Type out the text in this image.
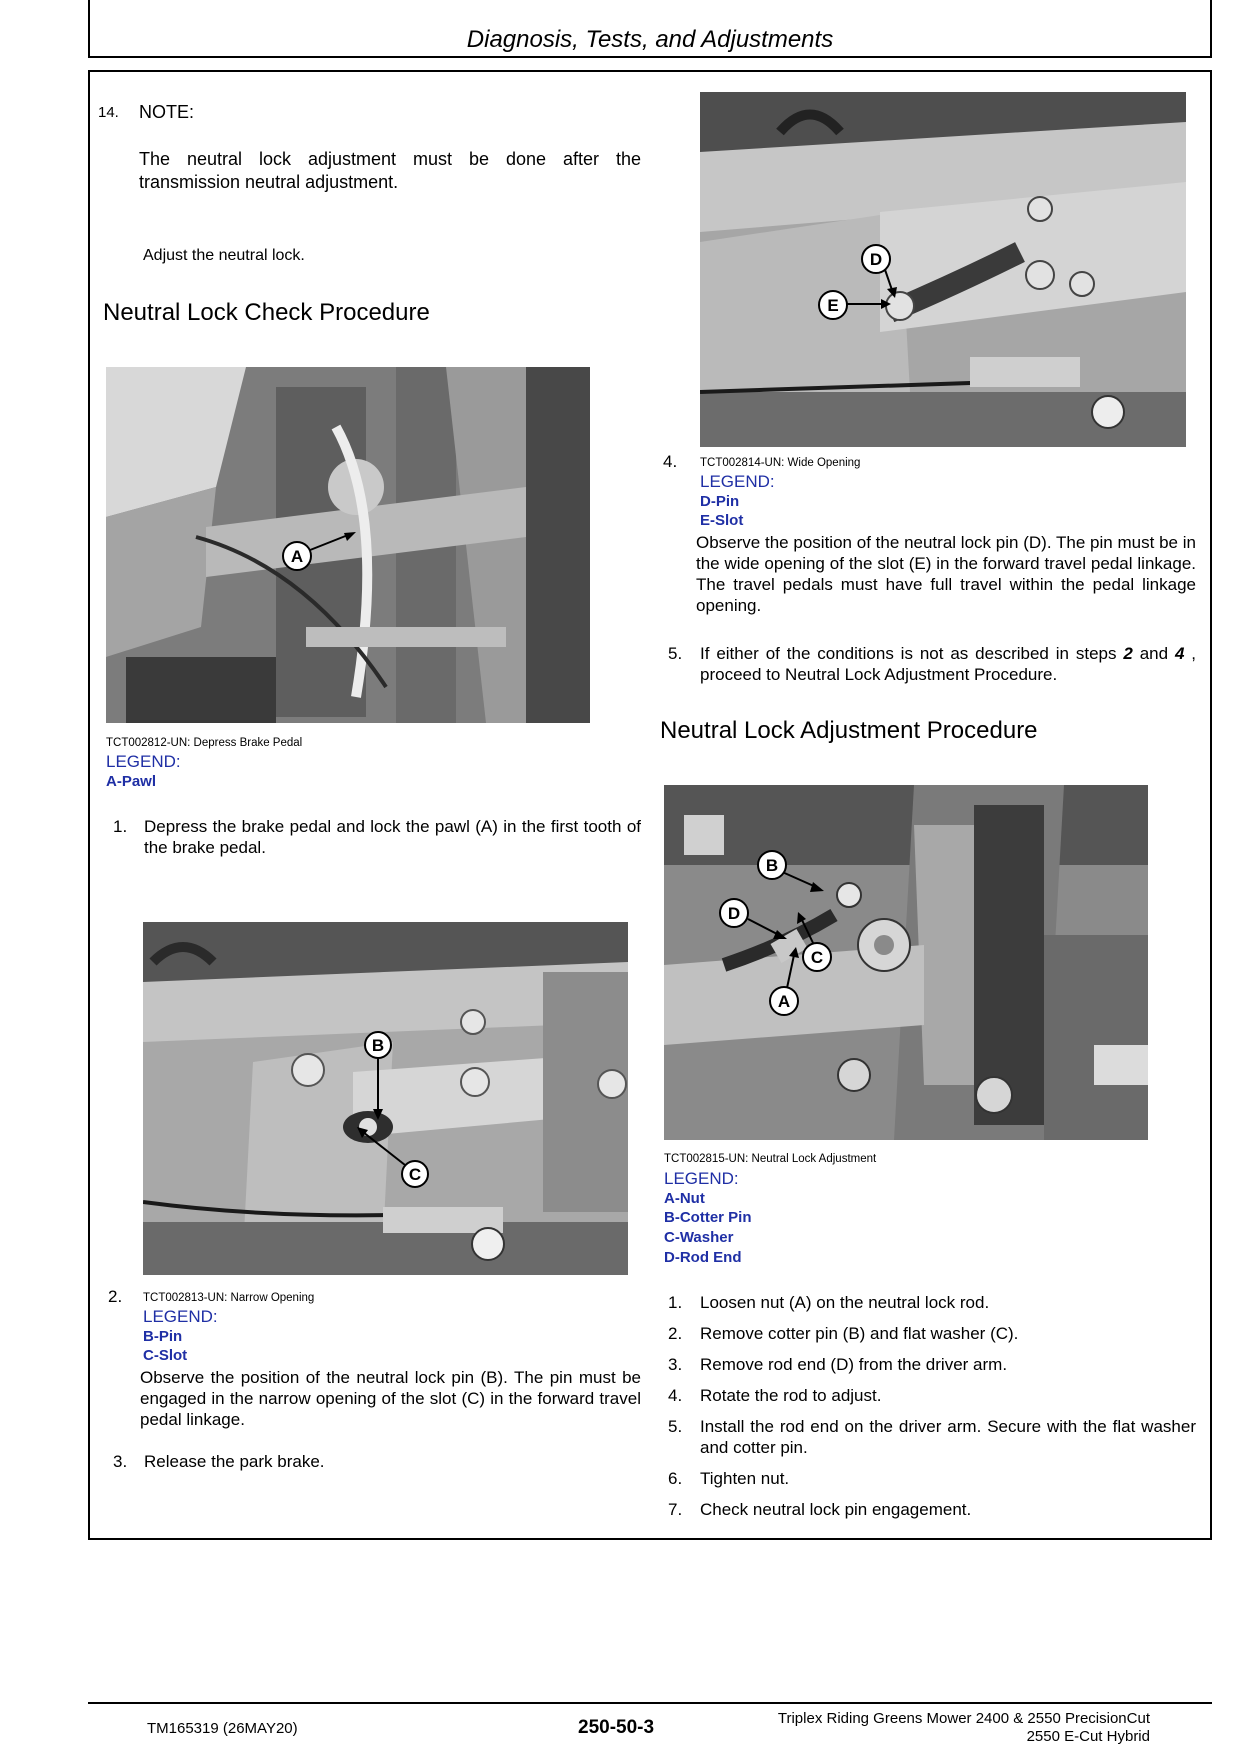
Diagnosis, Tests, and Adjustments
14. NOTE:
The neutral lock adjustment must be done after the transmission neutral adjustment.
Adjust the neutral lock.
Neutral Lock Check Procedure
A
TCT002812-UN: Depress Brake Pedal
LEGEND:
A-Pawl
1. Depress the brake pedal and lock the pawl (A) in the first tooth of the brake pedal.
B
C
2. TCT002813-UN: Narrow Opening
LEGEND:
B-Pin
C-Slot
Observe the position of the neutral lock pin (B). The pin must be engaged in the narrow opening of the slot (C) in the forward travel pedal linkage.
3. Release the park brake.
D
E
4. TCT002814-UN: Wide Opening
LEGEND:
D-Pin
E-Slot
Observe the position of the neutral lock pin (D). The pin must be in the wide opening of the slot (E) in the forward travel pedal linkage. The travel pedals must have full travel within the pedal linkage opening.
5. If either of the conditions is not as described in steps 2 and 4 , proceed to Neutral Lock Adjustment Procedure.
Neutral Lock Adjustment Procedure
B
D
C
A
TCT002815-UN: Neutral Lock Adjustment
LEGEND:
A-Nut
B-Cotter Pin
C-Washer
D-Rod End
1. Loosen nut (A) on the neutral lock rod.
2. Remove cotter pin (B) and flat washer (C).
3. Remove rod end (D) from the driver arm.
4. Rotate the rod to adjust.
5. Install the rod end on the driver arm. Secure with the flat washer and cotter pin.
6. Tighten nut.
7. Check neutral lock pin engagement.
TM165319 (26MAY20)	250-50-3	Triplex Riding Greens Mower 2400 & 2550 PrecisionCut
2550 E-Cut Hybrid
